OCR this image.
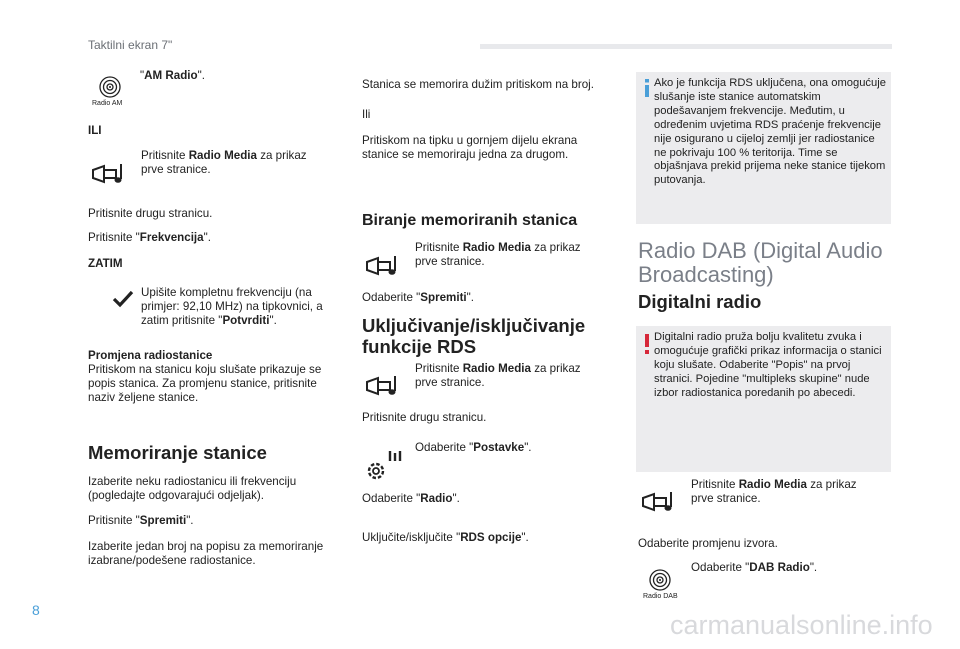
Taktilni ekran 7"
Radio AM
"AM Radio".
ILI
Pritisnite Radio Media za prikaz prve stranice.
Pritisnite drugu stranicu.
Pritisnite "Frekvencija".
ZATIM
Upišite kompletnu frekvenciju (na primjer: 92,10 MHz) na tipkovnici, a zatim pritisnite "Potvrditi".
Promjena radiostanice
Pritiskom na stanicu koju slušate prikazuje se popis stanica. Za promjenu stanice, pritisnite naziv željene stanice.
Memoriranje stanice
Izaberite neku radiostanicu ili frekvenciju (pogledajte odgovarajući odjeljak).
Pritisnite "Spremiti".
Izaberite jedan broj na popisu za memoriranje izabrane/podešene radiostanice.
Stanica se memorira dužim pritiskom na broj.
Ili
Pritiskom na tipku u gornjem dijelu ekrana stanice se memoriraju jedna za drugom.
Biranje memoriranih stanica
Pritisnite Radio Media za prikaz prve stranice.
Odaberite "Spremiti".
Uključivanje/isključivanje funkcije RDS
Pritisnite Radio Media za prikaz prve stranice.
Pritisnite drugu stranicu.
Odaberite "Postavke".
Odaberite "Radio".
Uključite/isključite "RDS opcije".
Ako je funkcija RDS uključena, ona omogućuje slušanje iste stanice automatskim podešavanjem frekvencije. Međutim, u određenim uvjetima RDS praćenje frekvencije nije osigurano u cijeloj zemlji jer radiostanice ne pokrivaju 100 % teritorija. Time se objašnjava prekid prijema neke stanice tijekom putovanja.
Radio DAB (Digital Audio Broadcasting)
Digitalni radio
Digitalni radio pruža bolju kvalitetu zvuka i omogućuje grafički prikaz informacija o stanici koju slušate. Odaberite "Popis" na prvoj stranici. Pojedine "multipleks skupine" nude izbor radiostanica poredanih po abecedi.
Pritisnite Radio Media za prikaz prve stranice.
Odaberite promjenu izvora.
Radio DAB
Odaberite "DAB Radio".
8	carmanualsonline.info
